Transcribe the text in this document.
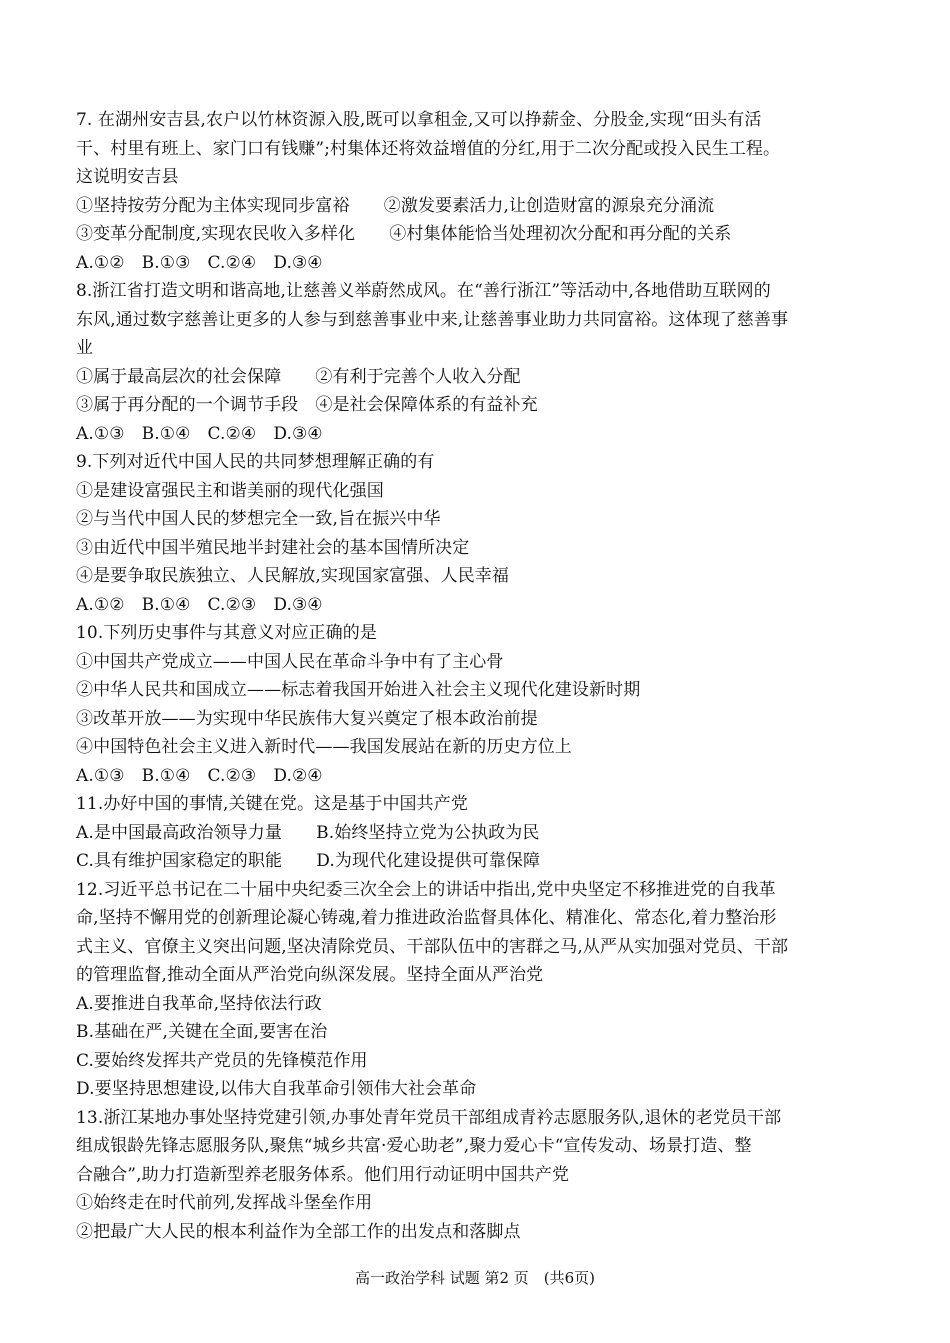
7. 在湖州安吉县,农户以竹林资源入股,既可以拿租金,又可以挣薪金、分股金,实现“田头有活
干、村里有班上、家门口有钱赚”;村集体还将效益增值的分红,用于二次分配或投入民生工程。
这说明安吉县
①坚持按劳分配为主体实现同步富裕　　②激发要素活力,让创造财富的源泉充分涌流
③变革分配制度,实现农民收入多样化　　④村集体能恰当处理初次分配和再分配的关系
A.①②　B.①③　C.②④　D.③④
8.浙江省打造文明和谐高地,让慈善义举蔚然成风。在“善行浙江”等活动中,各地借助互联网的
东风,通过数字慈善让更多的人参与到慈善事业中来,让慈善事业助力共同富裕。这体现了慈善事
业
①属于最高层次的社会保障　　②有利于完善个人收入分配
③属于再分配的一个调节手段　④是社会保障体系的有益补充
A.①③　B.①④　C.②④　D.③④
9.下列对近代中国人民的共同梦想理解正确的有
①是建设富强民主和谐美丽的现代化强国
②与当代中国人民的梦想完全一致,旨在振兴中华
③由近代中国半殖民地半封建社会的基本国情所决定
④是要争取民族独立、人民解放,实现国家富强、人民幸福
A.①②　B.①④　C.②③　D.③④
10.下列历史事件与其意义对应正确的是
①中国共产党成立——中国人民在革命斗争中有了主心骨
②中华人民共和国成立——标志着我国开始进入社会主义现代化建设新时期
③改革开放——为实现中华民族伟大复兴奠定了根本政治前提
④中国特色社会主义进入新时代——我国发展站在新的历史方位上
A.①③　B.①④　C.②③　D.②④
11.办好中国的事情,关键在党。这是基于中国共产党
A.是中国最高政治领导力量　　B.始终坚持立党为公执政为民
C.具有维护国家稳定的职能　　D.为现代化建设提供可靠保障
12.习近平总书记在二十届中央纪委三次全会上的讲话中指出,党中央坚定不移推进党的自我革
命,坚持不懈用党的创新理论凝心铸魂,着力推进政治监督具体化、精准化、常态化,着力整治形
式主义、官僚主义突出问题,坚决清除党员、干部队伍中的害群之马,从严从实加强对党员、干部
的管理监督,推动全面从严治党向纵深发展。坚持全面从严治党
A.要推进自我革命,坚持依法行政
B.基础在严,关键在全面,要害在治
C.要始终发挥共产党员的先锋模范作用
D.要坚持思想建设,以伟大自我革命引领伟大社会革命
13.浙江某地办事处坚持党建引领,办事处青年党员干部组成青衿志愿服务队,退休的老党员干部
组成银龄先锋志愿服务队,聚焦“城乡共富·爱心助老”,聚力爱心卡“宣传发动、场景打造、整
合融合”,助力打造新型养老服务体系。他们用行动证明中国共产党
①始终走在时代前列,发挥战斗堡垒作用
②把最广大人民的根本利益作为全部工作的出发点和落脚点
高一政治学科 试题 第2 页　(共6页)
